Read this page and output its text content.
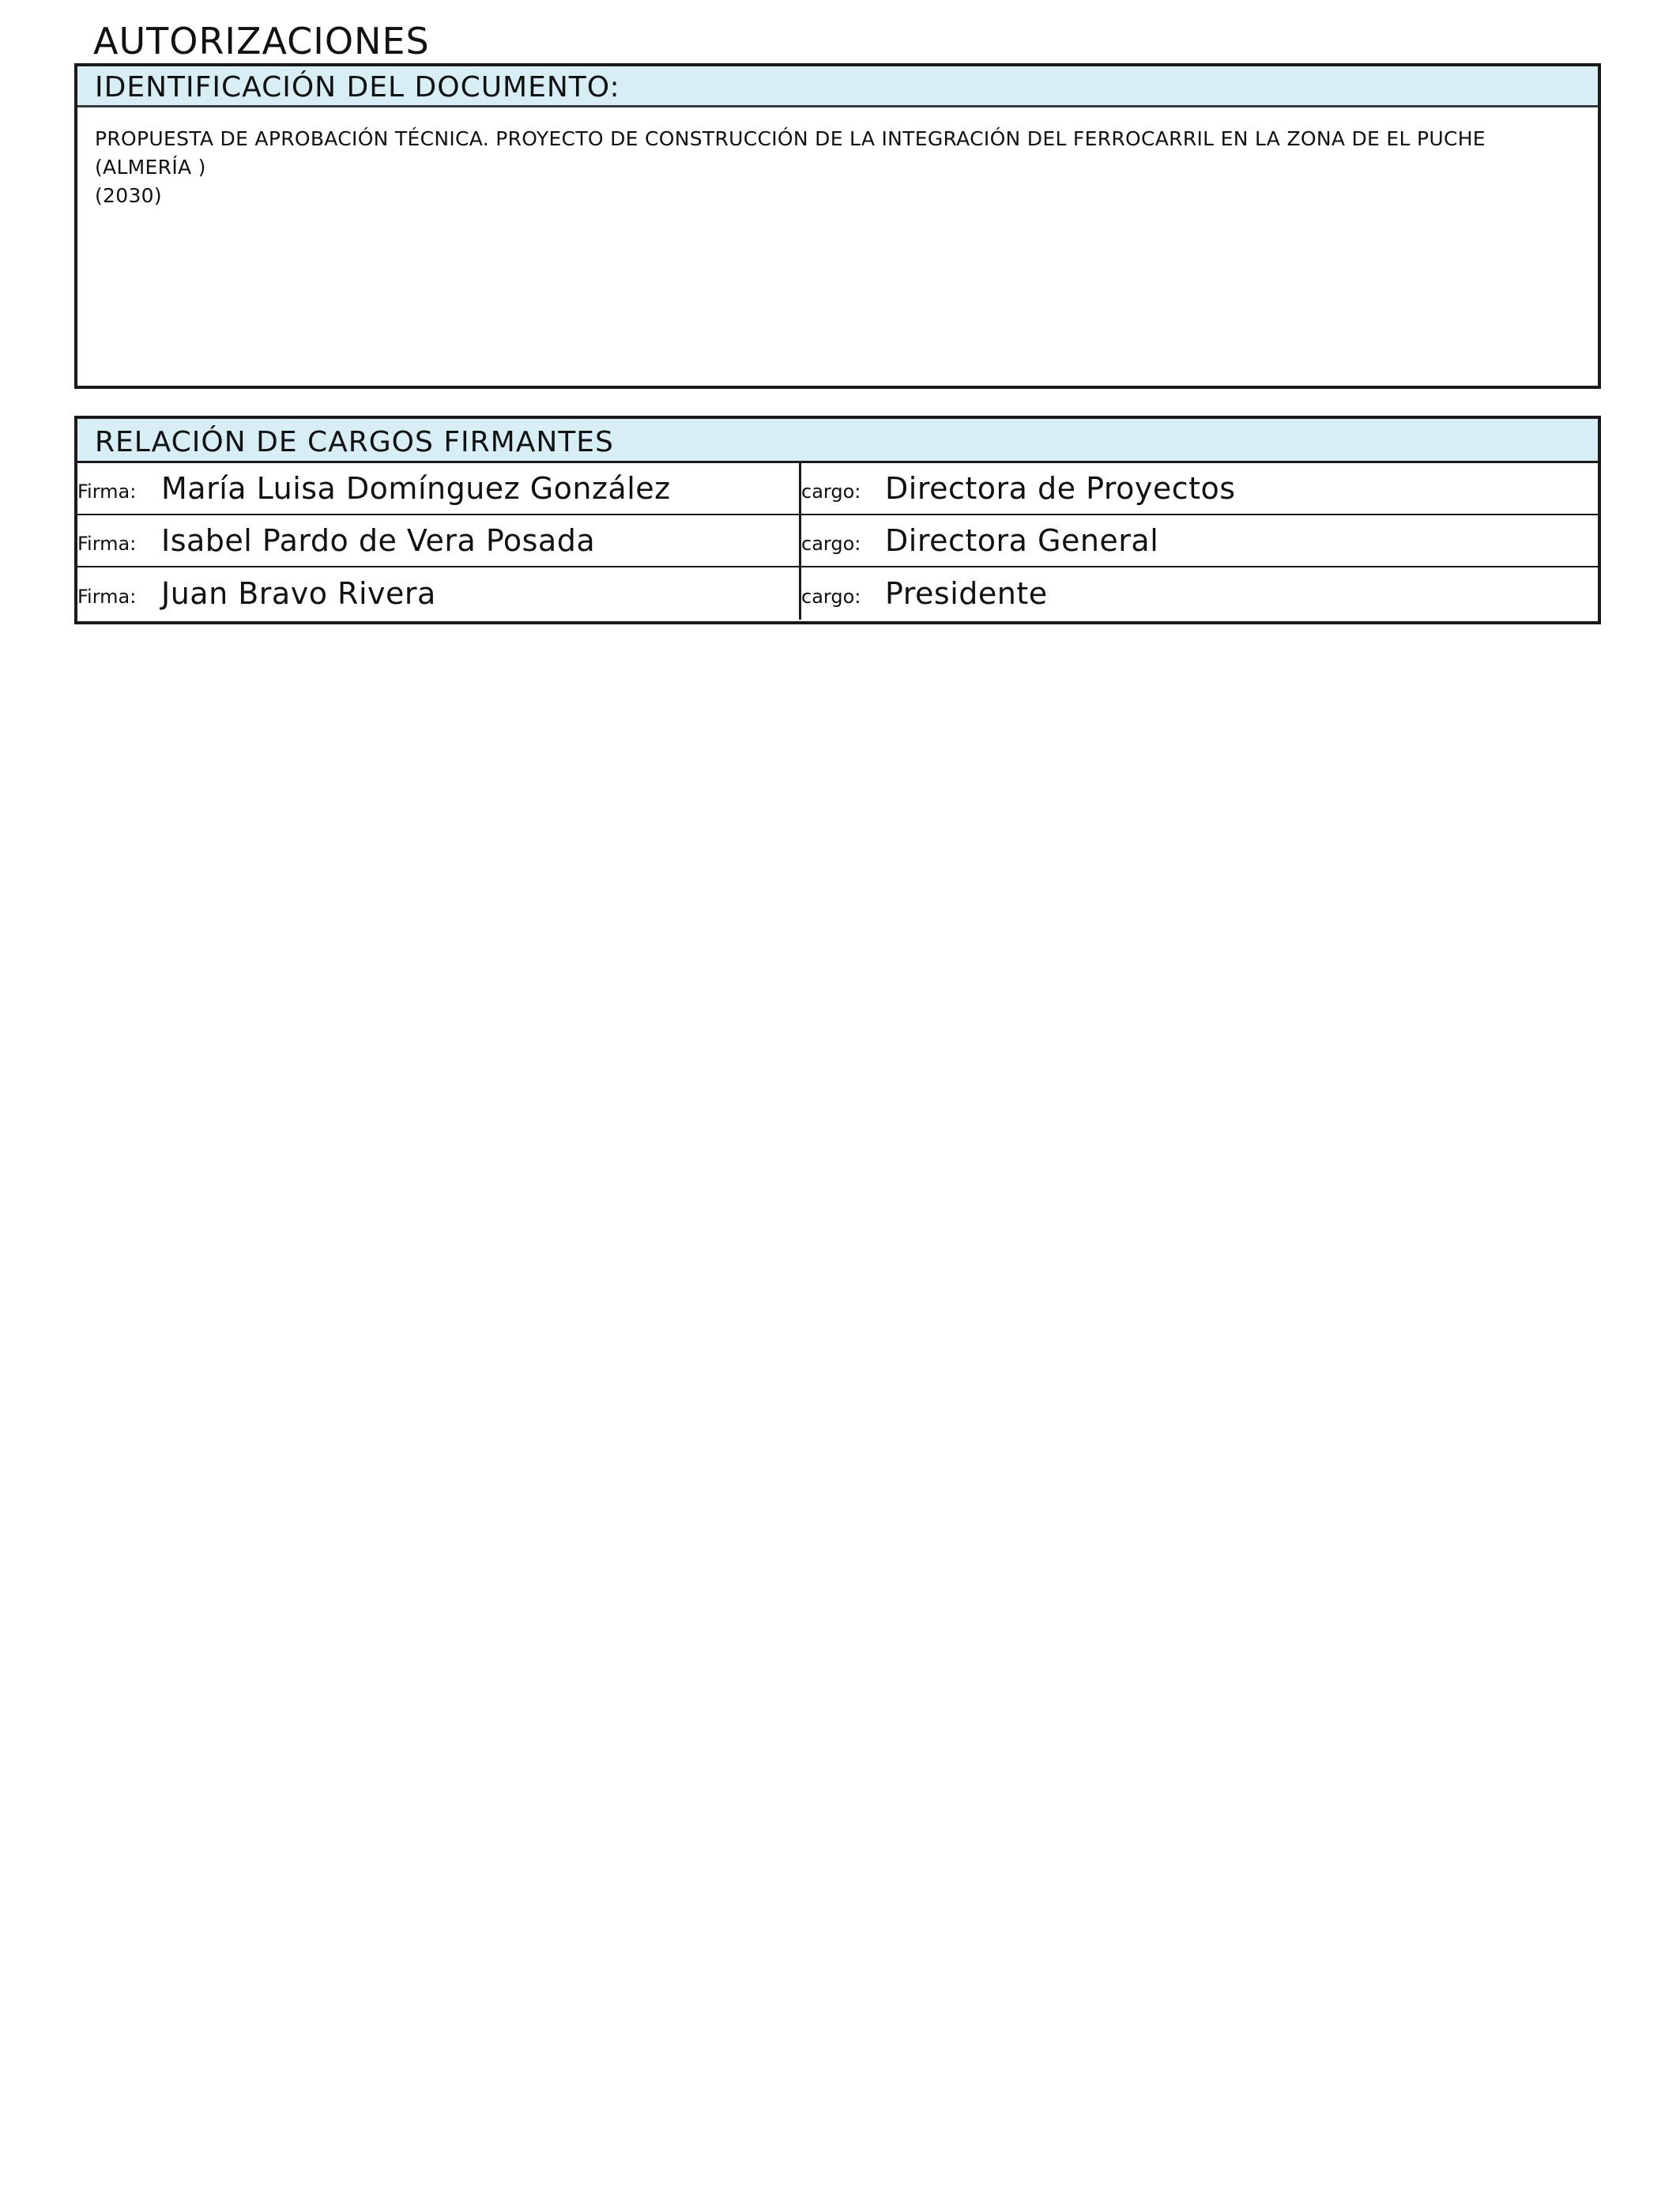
AUTORIZACIONES
IDENTIFICACIÓN DEL DOCUMENTO:
PROPUESTA DE APROBACIÓN TÉCNICA. PROYECTO DE CONSTRUCCIÓN DE LA INTEGRACIÓN DEL FERROCARRIL EN LA ZONA DE EL PUCHE (ALMERÍA )
(2030)
RELACIÓN DE CARGOS FIRMANTES
Firma: María Luisa Domínguez González	cargo: Directora de Proyectos
Firma: Isabel Pardo de Vera Posada	cargo: Directora General
Firma: Juan Bravo Rivera	cargo: Presidente
